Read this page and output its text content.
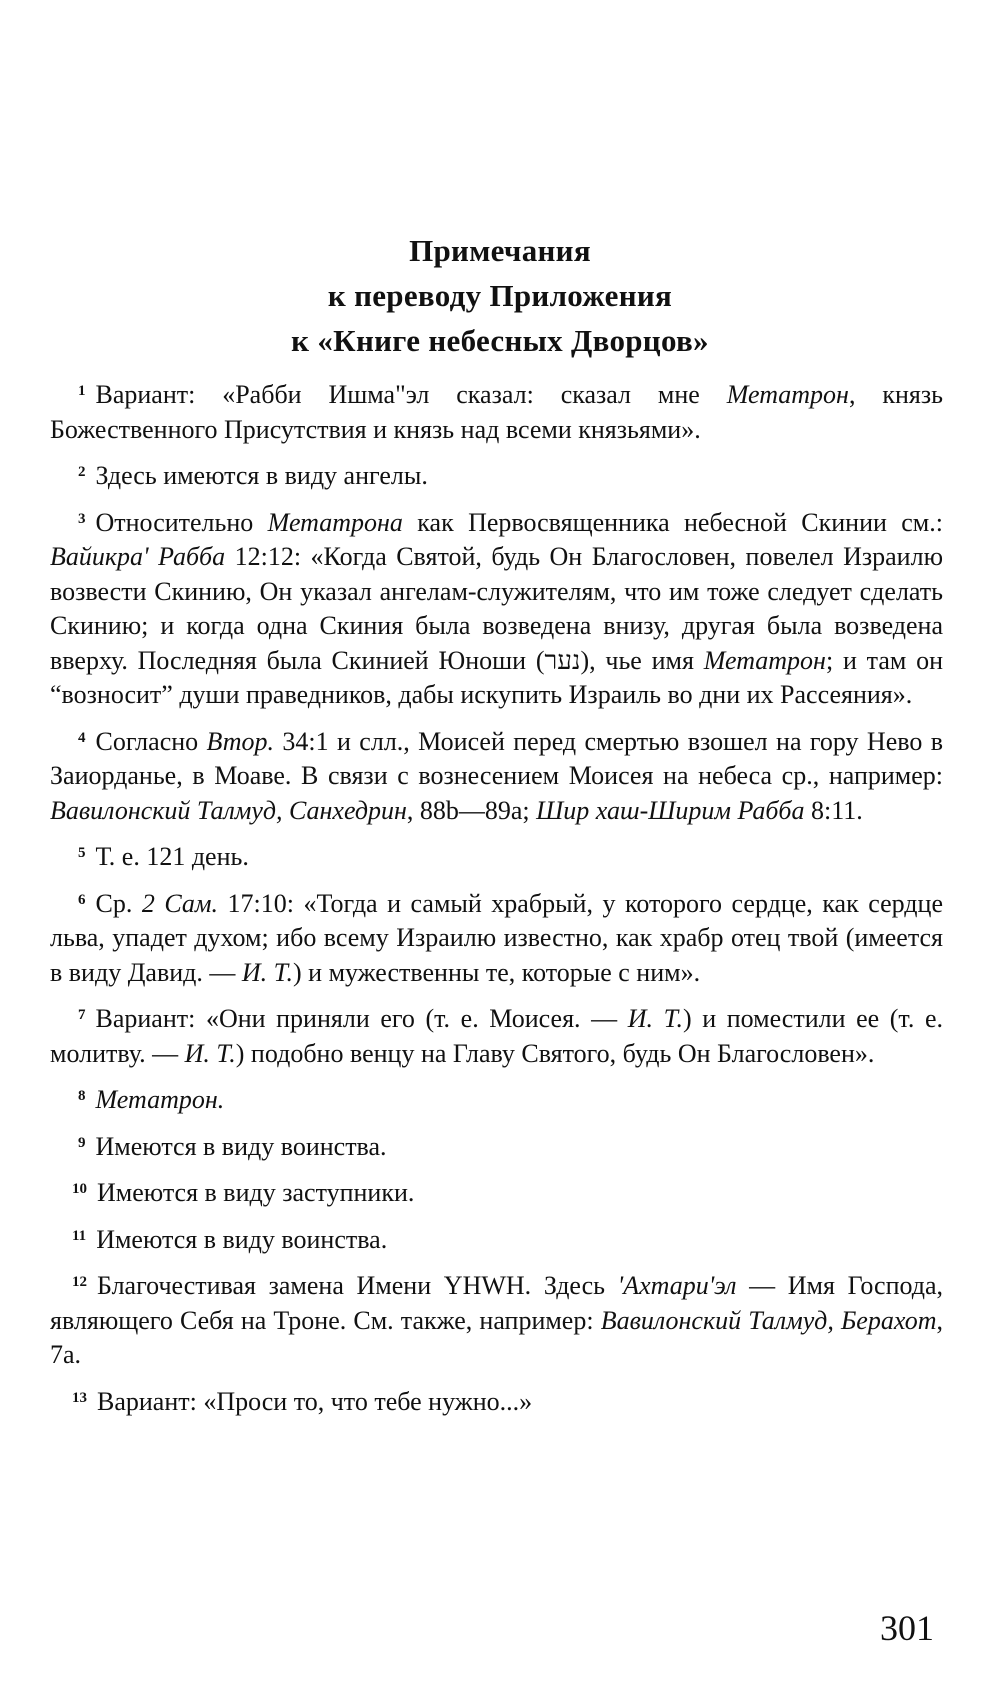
Примечания
к переводу Приложения
к «Книге небесных Дворцов»

1 Вариант: «Рабби Ишма"эл сказал: сказал мне Метатрон, князь Божественного Присутствия и князь над всеми князьями».

2 Здесь имеются в виду ангелы.

3 Относительно Метатрона как Первосвященника небесной Скинии см.: Вайикра' Рабба 12:12: «Когда Святой, будь Он Благословен, повелел Израилю возвести Скинию, Он указал ангелам-служителям, что им тоже следует сделать Скинию; и когда одна Скиния была возведена внизу, другая была возведена вверху. Последняя была Скинией Юноши (נער), чье имя Метатрон; и там он “возносит” души праведников, дабы искупить Израиль во дни их Рассеяния».

4 Согласно Втор. 34:1 и слл., Моисей перед смертью взошел на гору Нево в Заиорданье, в Моаве. В связи с вознесением Моисея на небеса ср., например: Вавилонский Талмуд, Санхедрин, 88b—89a; Шир хаш-Ширим Рабба 8:11.

5 Т. е. 121 день.

6 Ср. 2 Сам. 17:10: «Тогда и самый храбрый, у которого сердце, как сердце льва, упадет духом; ибо всему Израилю известно, как храбр отец твой (имеется в виду Давид. — И. Т.) и мужественны те, которые с ним».

7 Вариант: «Они приняли его (т. е. Моисея. — И. Т.) и поместили ее (т. е. молитву. — И. Т.) подобно венцу на Главу Святого, будь Он Благословен».

8 Метатрон.

9 Имеются в виду воинства.

10 Имеются в виду заступники.

11 Имеются в виду воинства.

12 Благочестивая замена Имени YHWH. Здесь 'Ахтари'эл — Имя Господа, являющего Себя на Троне. См. также, например: Вавилонский Талмуд, Берахот, 7a.

13 Вариант: «Проси то, что тебе нужно...»

301
